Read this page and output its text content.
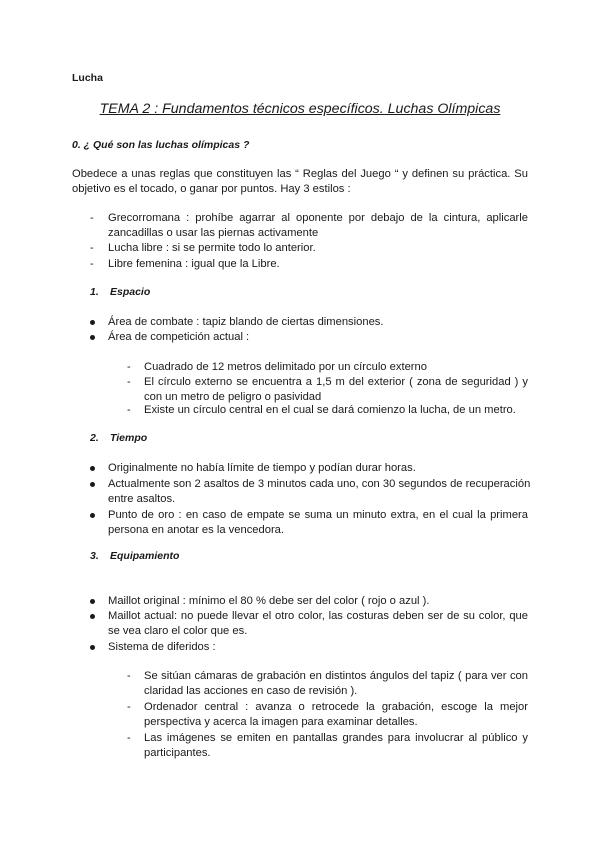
Lucha
TEMA 2 : Fundamentos técnicos específicos. Luchas Olímpicas
0. ¿ Qué son las luchas olímpicas ?
Obedece a unas reglas que constituyen las “ Reglas del Juego “ y definen su práctica. Su
objetivo es el tocado, o ganar por puntos. Hay 3 estilos :
- Grecorromana : prohíbe agarrar al oponente por debajo de la cintura, aplicarle
zancadillas o usar las piernas activamente
- Lucha libre : si se permite todo lo anterior.
- Libre femenina : igual que la Libre.
1. Espacio
Área de combate : tapiz blando de ciertas dimensiones.
Área de competición actual :
- Cuadrado de 12 metros delimitado por un círculo externo
- El círculo externo se encuentra a 1,5 m del exterior ( zona de seguridad ) y
con un metro de peligro o pasividad
- Existe un círculo central en el cual se dará comienzo la lucha, de un metro.
2. Tiempo
Originalmente no había límite de tiempo y podían durar horas.
Actualmente son 2 asaltos de 3 minutos cada uno, con 30 segundos de recuperación
entre asaltos.
Punto de oro : en caso de empate se suma un minuto extra, en el cual la primera
persona en anotar es la vencedora.
3. Equipamiento
Maillot original : mínimo el 80 % debe ser del color ( rojo o azul ).
Maillot actual: no puede llevar el otro color, las costuras deben ser de su color, que
se vea claro el color que es.
Sistema de diferidos :
- Se sitúan cámaras de grabación en distintos ángulos del tapiz ( para ver con
claridad las acciones en caso de revisión ).
- Ordenador central : avanza o retrocede la grabación, escoge la mejor
perspectiva y acerca la imagen para examinar detalles.
- Las imágenes se emiten en pantallas grandes para involucrar al público y
participantes.
